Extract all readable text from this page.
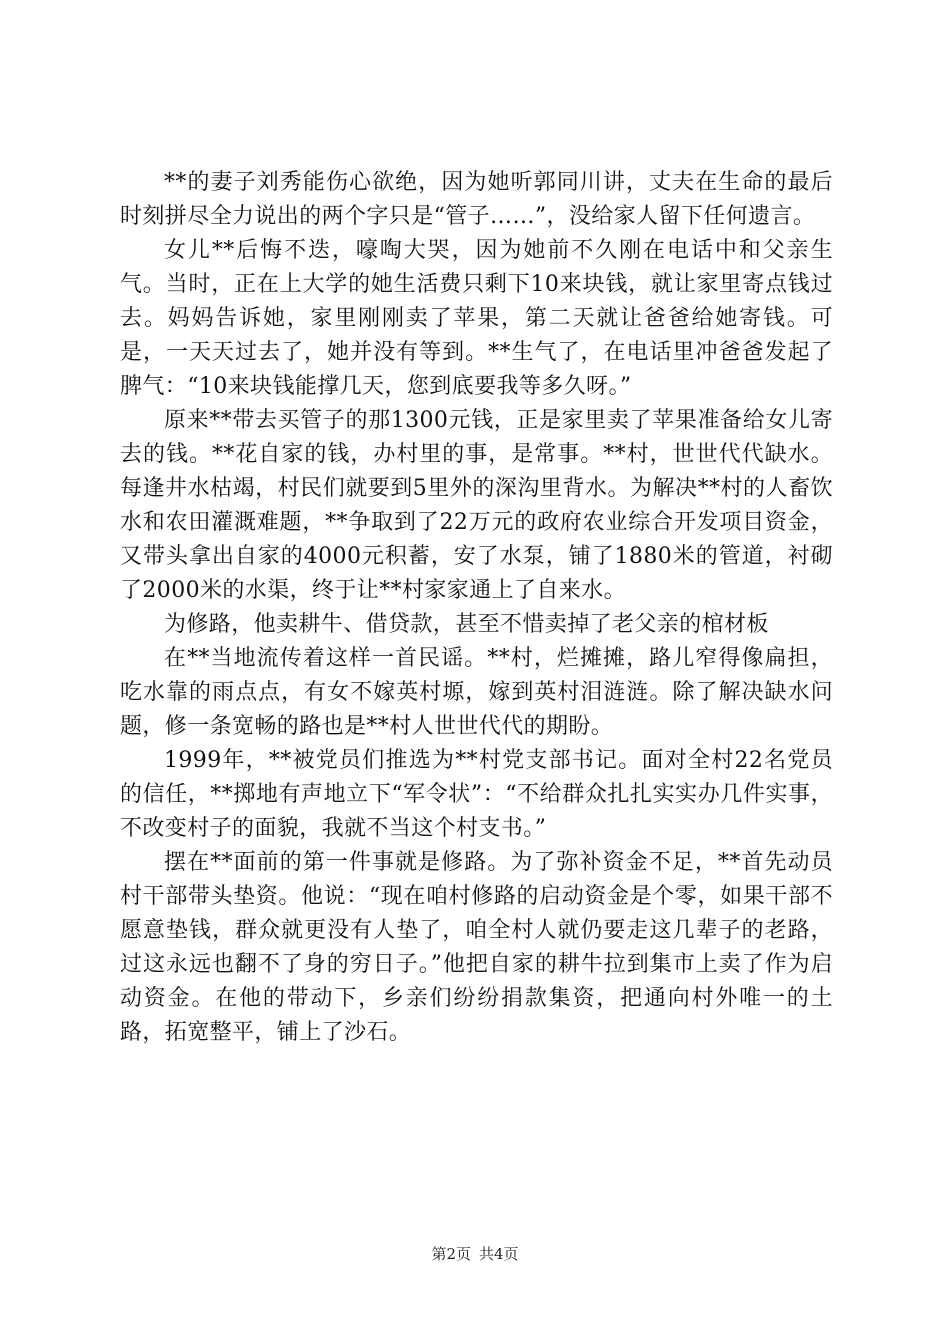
**的妻子刘秀能伤心欲绝，因为她听郭同川讲，丈夫在生命的最后时刻拼尽全力说出的两个字只是“管子……”，没给家人留下任何遗言。

女儿**后悔不迭，嚎啕大哭，因为她前不久刚在电话中和父亲生气。当时，正在上大学的她生活费只剩下10来块钱，就让家里寄点钱过去。妈妈告诉她，家里刚刚卖了苹果，第二天就让爸爸给她寄钱。可是，一天天过去了，她并没有等到。**生气了，在电话里冲爸爸发起了脾气：“10来块钱能撑几天，您到底要我等多久呀。”

原来**带去买管子的那1300元钱，正是家里卖了苹果准备给女儿寄去的钱。**花自家的钱，办村里的事，是常事。**村，世世代代缺水。每逢井水枯竭，村民们就要到5里外的深沟里背水。为解决**村的人畜饮水和农田灌溉难题，**争取到了22万元的政府农业综合开发项目资金，又带头拿出自家的4000元积蓄，安了水泵，铺了1880米的管道，衬砌了2000米的水渠，终于让**村家家通上了自来水。

为修路，他卖耕牛、借贷款，甚至不惜卖掉了老父亲的棺材板

在**当地流传着这样一首民谣。**村，烂摊摊，路儿窄得像扁担，吃水靠的雨点点，有女不嫁英村塬，嫁到英村泪涟涟。除了解决缺水问题，修一条宽畅的路也是**村人世世代代的期盼。

1999年，**被党员们推选为**村党支部书记。面对全村22名党员的信任，**掷地有声地立下“军令状”：“不给群众扎扎实实办几件实事，不改变村子的面貌，我就不当这个村支书。”

摆在**面前的第一件事就是修路。为了弥补资金不足，**首先动员村干部带头垫资。他说：“现在咱村修路的启动资金是个零，如果干部不愿意垫钱，群众就更没有人垫了，咱全村人就仍要走这几辈子的老路，过这永远也翻不了身的穷日子。”他把自家的耕牛拉到集市上卖了作为启动资金。在他的带动下，乡亲们纷纷捐款集资，把通向村外唯一的土路，拓宽整平，铺上了沙石。

第2页 共4页
